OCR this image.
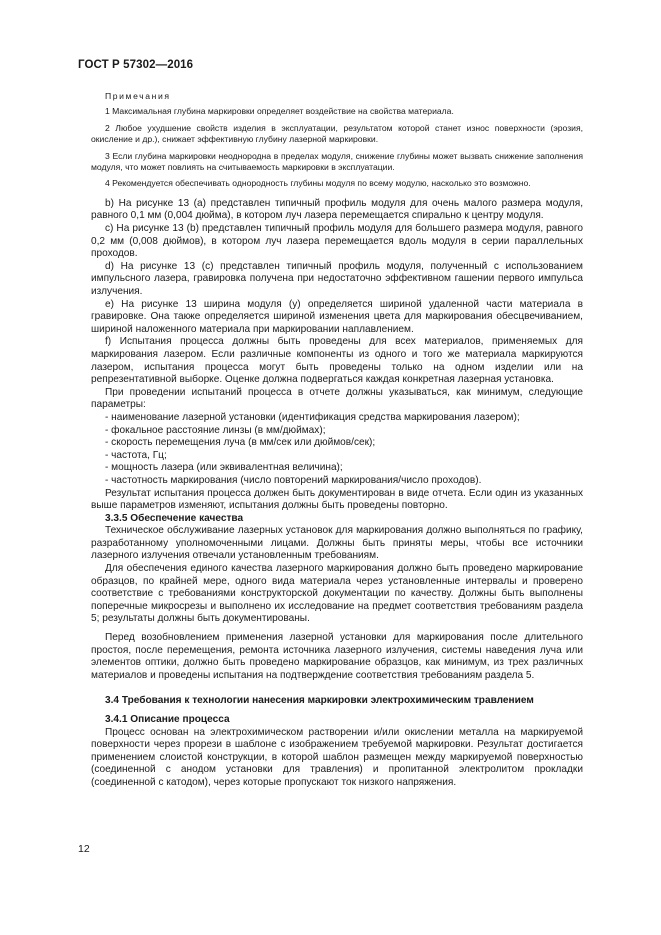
ГОСТ Р 57302—2016
Примечания
1 Максимальная глубина маркировки определяет воздействие на свойства материала.
2 Любое ухудшение свойств изделия в эксплуатации, результатом которой станет износ поверхности (эрозия, окисление и др.), снижает эффективную глубину лазерной маркировки.
3 Если глубина маркировки неоднородна в пределах модуля, снижение глубины может вызвать снижение заполнения модуля, что может повлиять на считываемость маркировки в эксплуатации.
4 Рекомендуется обеспечивать однородность глубины модуля по всему модулю, насколько это возможно.

b) На рисунке 13 (a) представлен типичный профиль модуля для очень малого размера модуля, равного 0,1 мм (0,004 дюйма), в котором луч лазера перемещается спирально к центру модуля.

c) На рисунке 13 (b) представлен типичный профиль модуля для большего размера модуля, равного 0,2 мм (0,008 дюймов), в котором луч лазера перемещается вдоль модуля в серии параллельных проходов.

d) На рисунке 13 (c) представлен типичный профиль модуля, полученный с использованием импульсного лазера, гравировка получена при недостаточно эффективном гашении первого импульса излучения.

e) На рисунке 13 ширина модуля (y) определяется шириной удаленной части материала в гравировке. Она также определяется шириной изменения цвета для маркирования обесцвечиванием, шириной наложенного материала при маркировании наплавлением.

f) Испытания процесса должны быть проведены для всех материалов, применяемых для маркирования лазером. Если различные компоненты из одного и того же материала маркируются лазером, испытания процесса могут быть проведены только на одном изделии или на репрезентативной выборке. Оценке должна подвергаться каждая конкретная лазерная установка.

При проведении испытаний процесса в отчете должны указываться, как минимум, следующие параметры:

- наименование лазерной установки (идентификация средства маркирования лазером);

- фокальное расстояние линзы (в мм/дюймах);

- скорость перемещения луча (в мм/сек или дюймов/сек);

- частота, Гц;

- мощность лазера (или эквивалентная величина);

- частотность маркирования (число повторений маркирования/число проходов).

Результат испытания процесса должен быть документирован в виде отчета. Если один из указанных выше параметров изменяют, испытания должны быть проведены повторно.

3.3.5 Обеспечение качества

Техническое обслуживание лазерных установок для маркирования должно выполняться по графику, разработанному уполномоченными лицами. Должны быть приняты меры, чтобы все источники лазерного излучения отвечали установленным требованиям.

Для обеспечения единого качества лазерного маркирования должно быть проведено маркирование образцов, по крайней мере, одного вида материала через установленные интервалы и проверено соответствие с требованиями конструкторской документации по качеству. Должны быть выполнены поперечные микросрезы и выполнено их исследование на предмет соответствия требованиям раздела 5; результаты должны быть документированы.

Перед возобновлением применения лазерной установки для маркирования после длительного простоя, после перемещения, ремонта источника лазерного излучения, системы наведения луча или элементов оптики, должно быть проведено маркирование образцов, как минимум, из трех различных материалов и проведены испытания на подтверждение соответствия требованиям раздела 5.

3.4 Требования к технологии нанесения маркировки электрохимическим травлением

3.4.1 Описание процесса

Процесс основан на электрохимическом растворении и/или окислении металла на маркируемой поверхности через прорези в шаблоне с изображением требуемой маркировки. Результат достигается применением слоистой конструкции, в которой шаблон размещен между маркируемой поверхностью (соединенной с анодом установки для травления) и пропитанной электролитом прокладки (соединенной с катодом), через которые пропускают ток низкого напряжения.

12
